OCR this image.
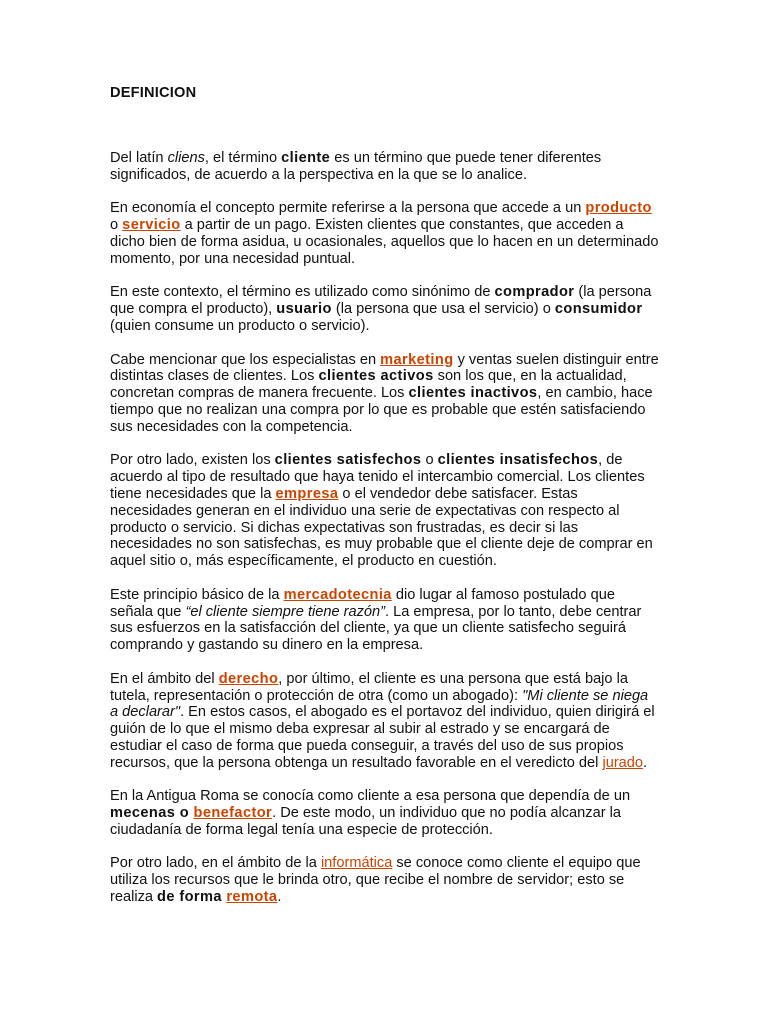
DEFINICION

Del latín cliens, el término cliente es un término que puede tener diferentes significados, de acuerdo a la perspectiva en la que se lo analice.

En economía el concepto permite referirse a la persona que accede a un producto o servicio a partir de un pago. Existen clientes que constantes, que acceden a dicho bien de forma asidua, u ocasionales, aquellos que lo hacen en un determinado momento, por una necesidad puntual.

En este contexto, el término es utilizado como sinónimo de comprador (la persona que compra el producto), usuario (la persona que usa el servicio) o consumidor (quien consume un producto o servicio).

Cabe mencionar que los especialistas en marketing y ventas suelen distinguir entre distintas clases de clientes. Los clientes activos son los que, en la actualidad, concretan compras de manera frecuente. Los clientes inactivos, en cambio, hace tiempo que no realizan una compra por lo que es probable que estén satisfaciendo sus necesidades con la competencia.

Por otro lado, existen los clientes satisfechos o clientes insatisfechos, de acuerdo al tipo de resultado que haya tenido el intercambio comercial. Los clientes tiene necesidades que la empresa o el vendedor debe satisfacer. Estas necesidades generan en el individuo una serie de expectativas con respecto al producto o servicio. Si dichas expectativas son frustradas, es decir si las necesidades no son satisfechas, es muy probable que el cliente deje de comprar en aquel sitio o, más específicamente, el producto en cuestión.

Este principio básico de la mercadotecnia dio lugar al famoso postulado que señala que “el cliente siempre tiene razón”. La empresa, por lo tanto, debe centrar sus esfuerzos en la satisfacción del cliente, ya que un cliente satisfecho seguirá comprando y gastando su dinero en la empresa.

En el ámbito del derecho, por último, el cliente es una persona que está bajo la tutela, representación o protección de otra (como un abogado): "Mi cliente se niega a declarar". En estos casos, el abogado es el portavoz del individuo, quien dirigirá el guión de lo que el mismo deba expresar al subir al estrado y se encargará de estudiar el caso de forma que pueda conseguir, a través del uso de sus propios recursos, que la persona obtenga un resultado favorable en el veredicto del jurado.

En la Antigua Roma se conocía como cliente a esa persona que dependía de un mecenas o benefactor. De este modo, un individuo que no podía alcanzar la ciudadanía de forma legal tenía una especie de protección.

Por otro lado, en el ámbito de la informática se conoce como cliente el equipo que utiliza los recursos que le brinda otro, que recibe el nombre de servidor; esto se realiza de forma remota.
